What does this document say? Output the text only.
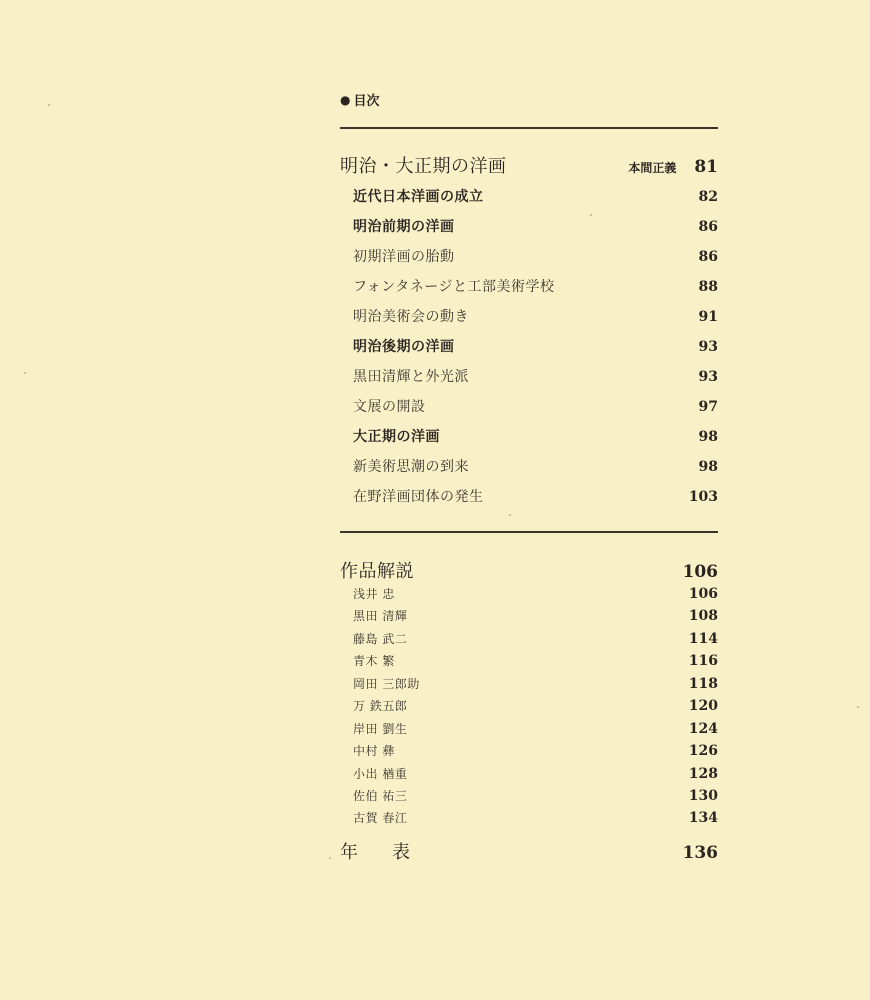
● 目次
明治・大正期の洋画	本間正義 81
近代日本洋画の成立	82
明治前期の洋画	86
初期洋画の胎動	86
フォンタネージと工部美術学校	88
明治美術会の動き	91
明治後期の洋画	93
黒田清輝と外光派	93
文展の開設	97
大正期の洋画	98
新美術思潮の到来	98
在野洋画団体の発生	103
作品解説	106
浅井 忠	106
黒田 清輝	108
藤島 武二	114
青木 繁	116
岡田 三郎助	118
万 鉄五郎	120
岸田 劉生	124
中村 彝	126
小出 楢重	128
佐伯 祐三	130
古賀 春江	134
年 表	136
